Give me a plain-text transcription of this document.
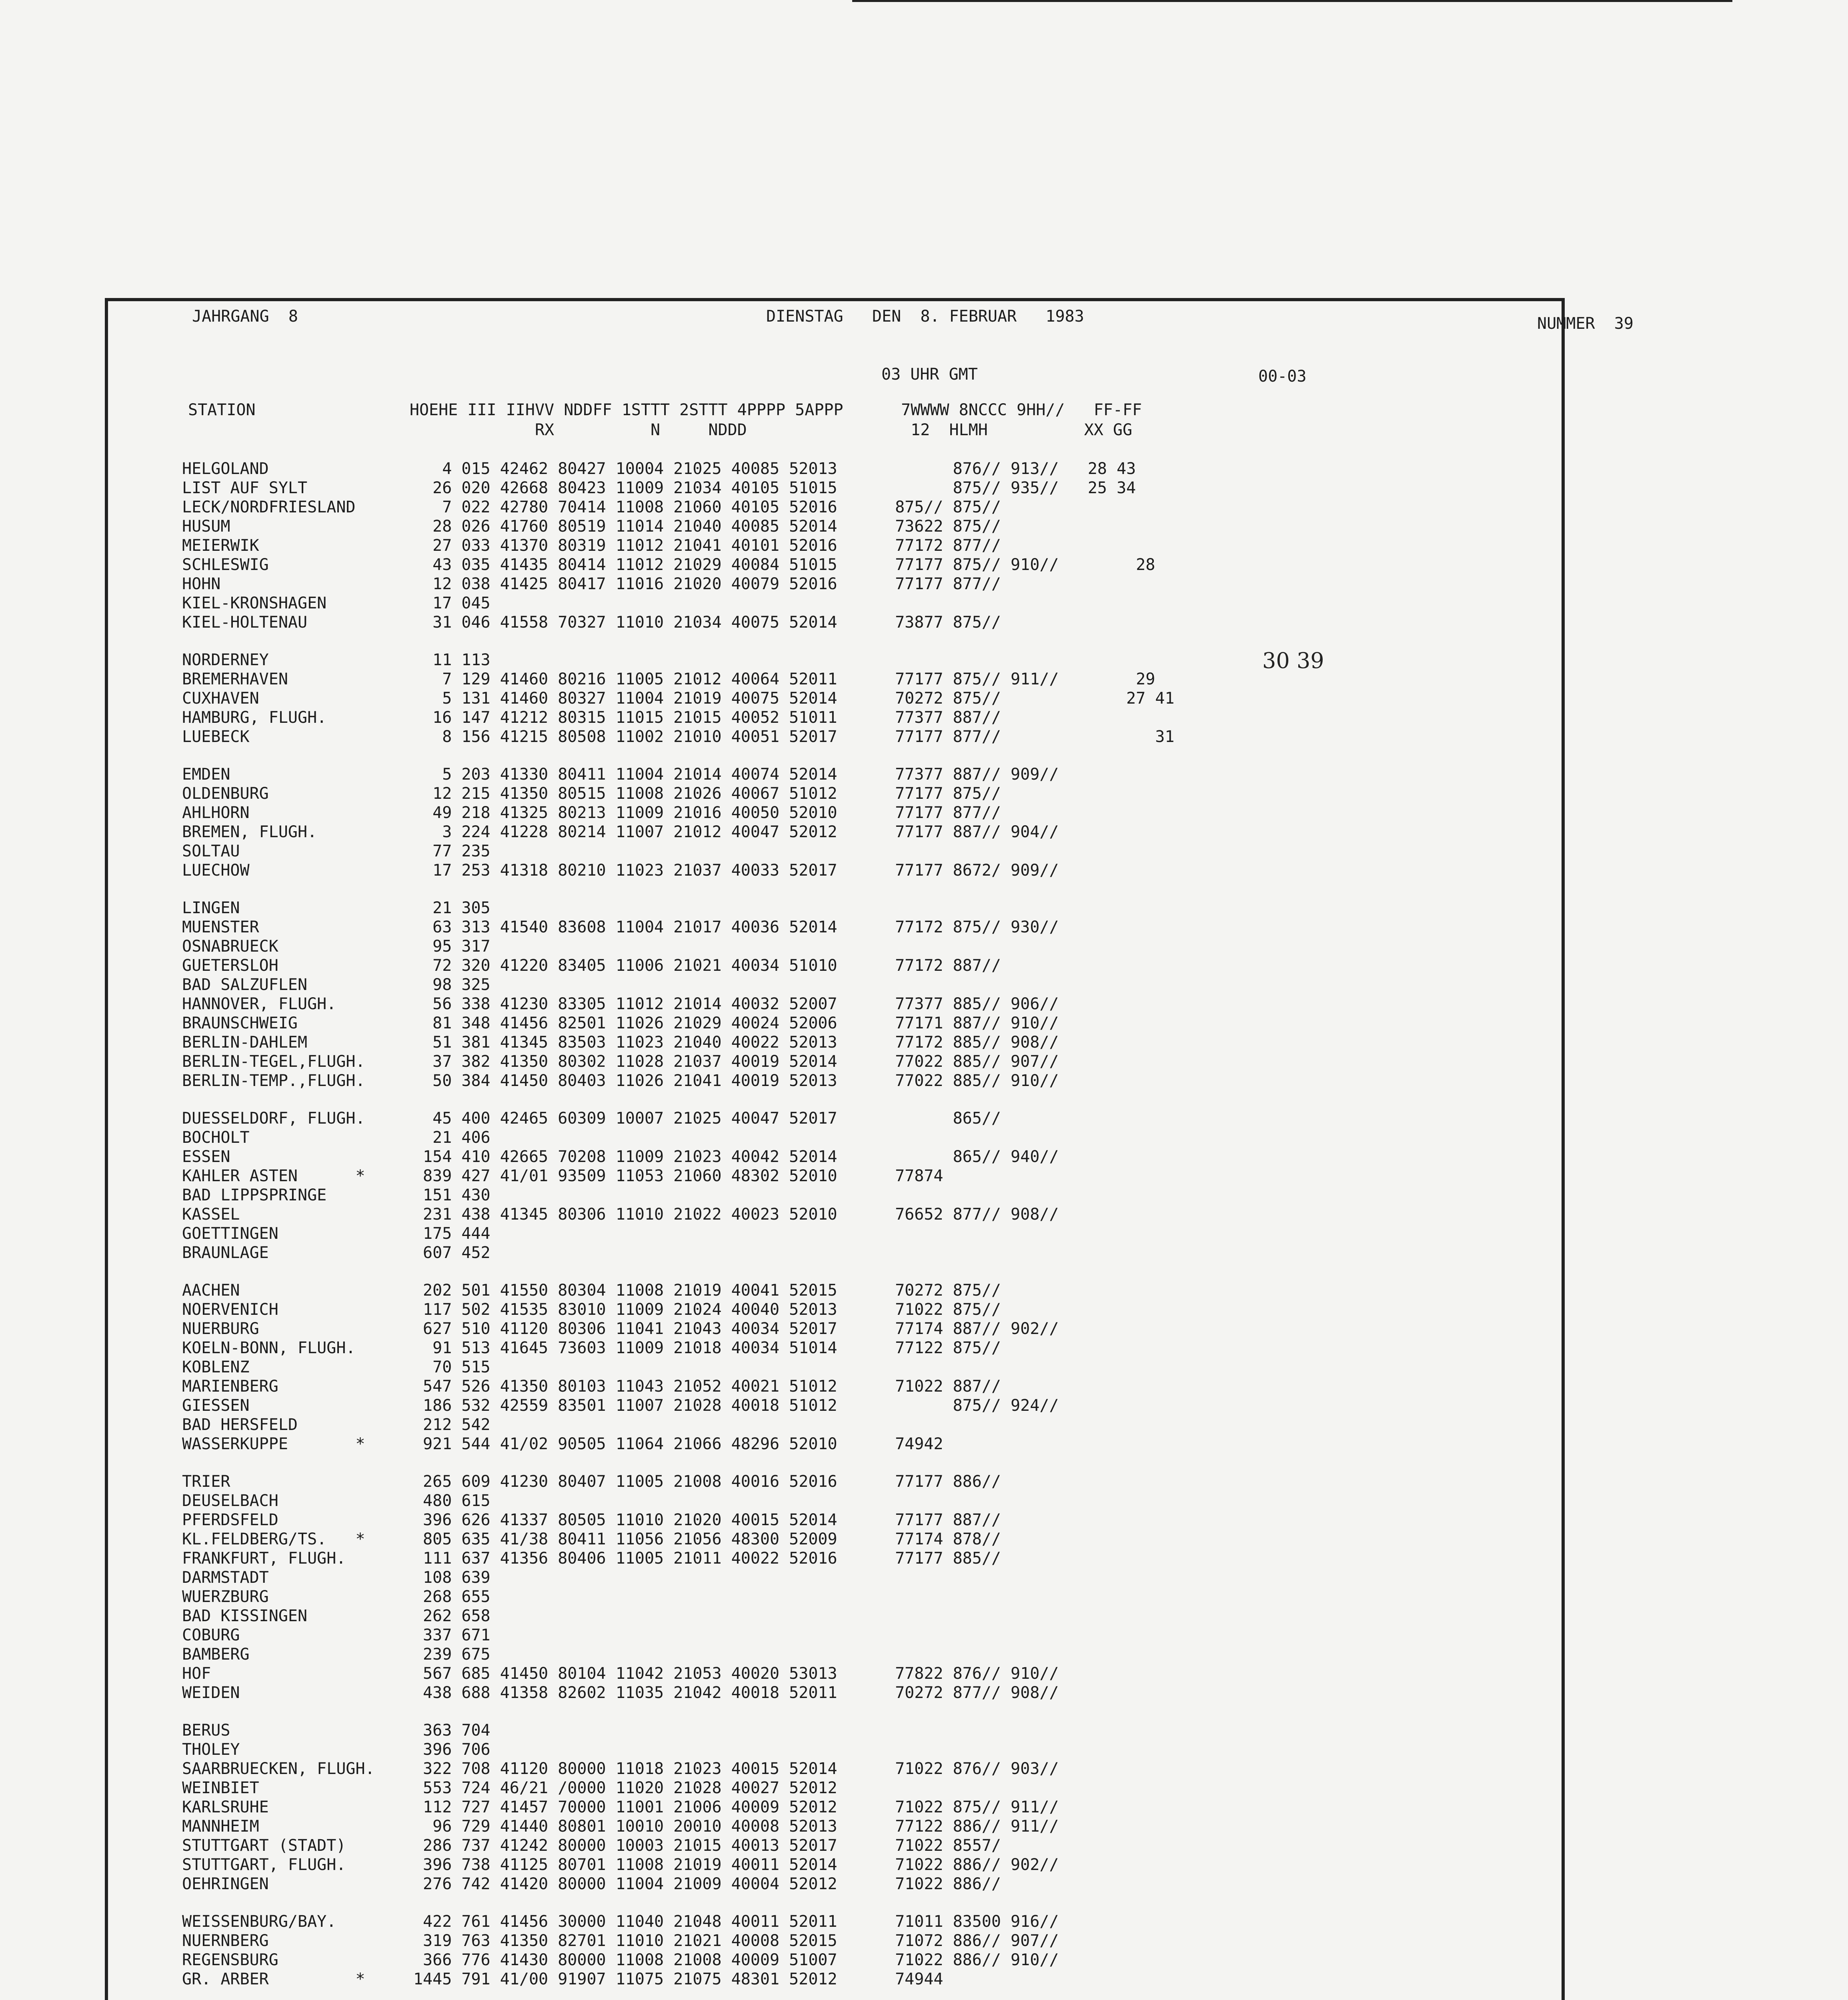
JAHRGANG  8	DIENSTAG   DEN  8. FEBRUAR   1983	NUMMER  39
03 UHR GMT	00-03
STATION                HOEHE III IIHVV NDDFF 1STTT 2STTT 4PPPP 5APPP      7WWWW 8NCCC 9HH//   FF-FF
RX          N     NDDD                 12  HLMH          XX GG
HELGOLAND                  4 015 42462 80427 10004 21025 40085 52013            876// 913//   28 43
LIST AUF SYLT             26 020 42668 80423 11009 21034 40105 51015            875// 935//   25 34
LECK/NORDFRIESLAND         7 022 42780 70414 11008 21060 40105 52016      875// 875//
HUSUM                     28 026 41760 80519 11014 21040 40085 52014      73622 875//
MEIERWIK                  27 033 41370 80319 11012 21041 40101 52016      77172 877//
SCHLESWIG                 43 035 41435 80414 11012 21029 40084 51015      77177 875// 910//        28
HOHN                      12 038 41425 80417 11016 21020 40079 52016      77177 877//
KIEL-KRONSHAGEN           17 045
KIEL-HOLTENAU             31 046 41558 70327 11010 21034 40075 52014      73877 875//
NORDERNEY                 11 113
BREMERHAVEN                7 129 41460 80216 11005 21012 40064 52011      77177 875// 911//        29
CUXHAVEN                   5 131 41460 80327 11004 21019 40075 52014      70272 875//             27 41
HAMBURG, FLUGH.           16 147 41212 80315 11015 21015 40052 51011      77377 887//
LUEBECK                    8 156 41215 80508 11002 21010 40051 52017      77177 877//                31
EMDEN                      5 203 41330 80411 11004 21014 40074 52014      77377 887// 909//
OLDENBURG                 12 215 41350 80515 11008 21026 40067 51012      77177 875//
AHLHORN                   49 218 41325 80213 11009 21016 40050 52010      77177 877//
BREMEN, FLUGH.             3 224 41228 80214 11007 21012 40047 52012      77177 887// 904//
SOLTAU                    77 235
LUECHOW                   17 253 41318 80210 11023 21037 40033 52017      77177 8672/ 909//
LINGEN                    21 305
MUENSTER                  63 313 41540 83608 11004 21017 40036 52014      77172 875// 930//
OSNABRUECK                95 317
GUETERSLOH                72 320 41220 83405 11006 21021 40034 51010      77172 887//
BAD SALZUFLEN             98 325
HANNOVER, FLUGH.          56 338 41230 83305 11012 21014 40032 52007      77377 885// 906//
BRAUNSCHWEIG              81 348 41456 82501 11026 21029 40024 52006      77171 887// 910//
BERLIN-DAHLEM             51 381 41345 83503 11023 21040 40022 52013      77172 885// 908//
BERLIN-TEGEL,FLUGH.       37 382 41350 80302 11028 21037 40019 52014      77022 885// 907//
BERLIN-TEMP.,FLUGH.       50 384 41450 80403 11026 21041 40019 52013      77022 885// 910//
DUESSELDORF, FLUGH.       45 400 42465 60309 10007 21025 40047 52017            865//
BOCHOLT                   21 406
ESSEN                    154 410 42665 70208 11009 21023 40042 52014            865// 940//
KAHLER ASTEN      *      839 427 41/01 93509 11053 21060 48302 52010      77874
BAD LIPPSPRINGE          151 430
KASSEL                   231 438 41345 80306 11010 21022 40023 52010      76652 877// 908//
GOETTINGEN               175 444
BRAUNLAGE                607 452
AACHEN                   202 501 41550 80304 11008 21019 40041 52015      70272 875//
NOERVENICH               117 502 41535 83010 11009 21024 40040 52013      71022 875//
NUERBURG                 627 510 41120 80306 11041 21043 40034 52017      77174 887// 902//
KOELN-BONN, FLUGH.        91 513 41645 73603 11009 21018 40034 51014      77122 875//
KOBLENZ                   70 515
MARIENBERG               547 526 41350 80103 11043 21052 40021 51012      71022 887//
GIESSEN                  186 532 42559 83501 11007 21028 40018 51012            875// 924//
BAD HERSFELD             212 542
WASSERKUPPE       *      921 544 41/02 90505 11064 21066 48296 52010      74942
TRIER                    265 609 41230 80407 11005 21008 40016 52016      77177 886//
DEUSELBACH               480 615
PFERDSFELD               396 626 41337 80505 11010 21020 40015 52014      77177 887//
KL.FELDBERG/TS.   *      805 635 41/38 80411 11056 21056 48300 52009      77174 878//
FRANKFURT, FLUGH.        111 637 41356 80406 11005 21011 40022 52016      77177 885//
DARMSTADT                108 639
WUERZBURG                268 655
BAD KISSINGEN            262 658
COBURG                   337 671
BAMBERG                  239 675
HOF                      567 685 41450 80104 11042 21053 40020 53013      77822 876// 910//
WEIDEN                   438 688 41358 82602 11035 21042 40018 52011      70272 877// 908//
BERUS                    363 704
THOLEY                   396 706
SAARBRUECKEN, FLUGH.     322 708 41120 80000 11018 21023 40015 52014      71022 876// 903//
WEINBIET                 553 724 46/21 /0000 11020 21028 40027 52012
KARLSRUHE                112 727 41457 70000 11001 21006 40009 52012      71022 875// 911//
MANNHEIM                  96 729 41440 80801 10010 20010 40008 52013      77122 886// 911//
STUTTGART (STADT)        286 737 41242 80000 10003 21015 40013 52017      71022 8557/
STUTTGART, FLUGH.        396 738 41125 80701 11008 21019 40011 52014      71022 886// 902//
OEHRINGEN                276 742 41420 80000 11004 21009 40004 52012      71022 886//
WEISSENBURG/BAY.         422 761 41456 30000 11040 21048 40011 52011      71011 83500 916//
NUERNBERG                319 763 41350 82701 11010 21021 40008 52015      71072 886// 907//
REGENSBURG               366 776 41430 80000 11008 21008 40009 51007      71022 886// 910//
GR. ARBER         *     1445 791 41/00 91907 11075 21075 48301 52012      74944
30 39
